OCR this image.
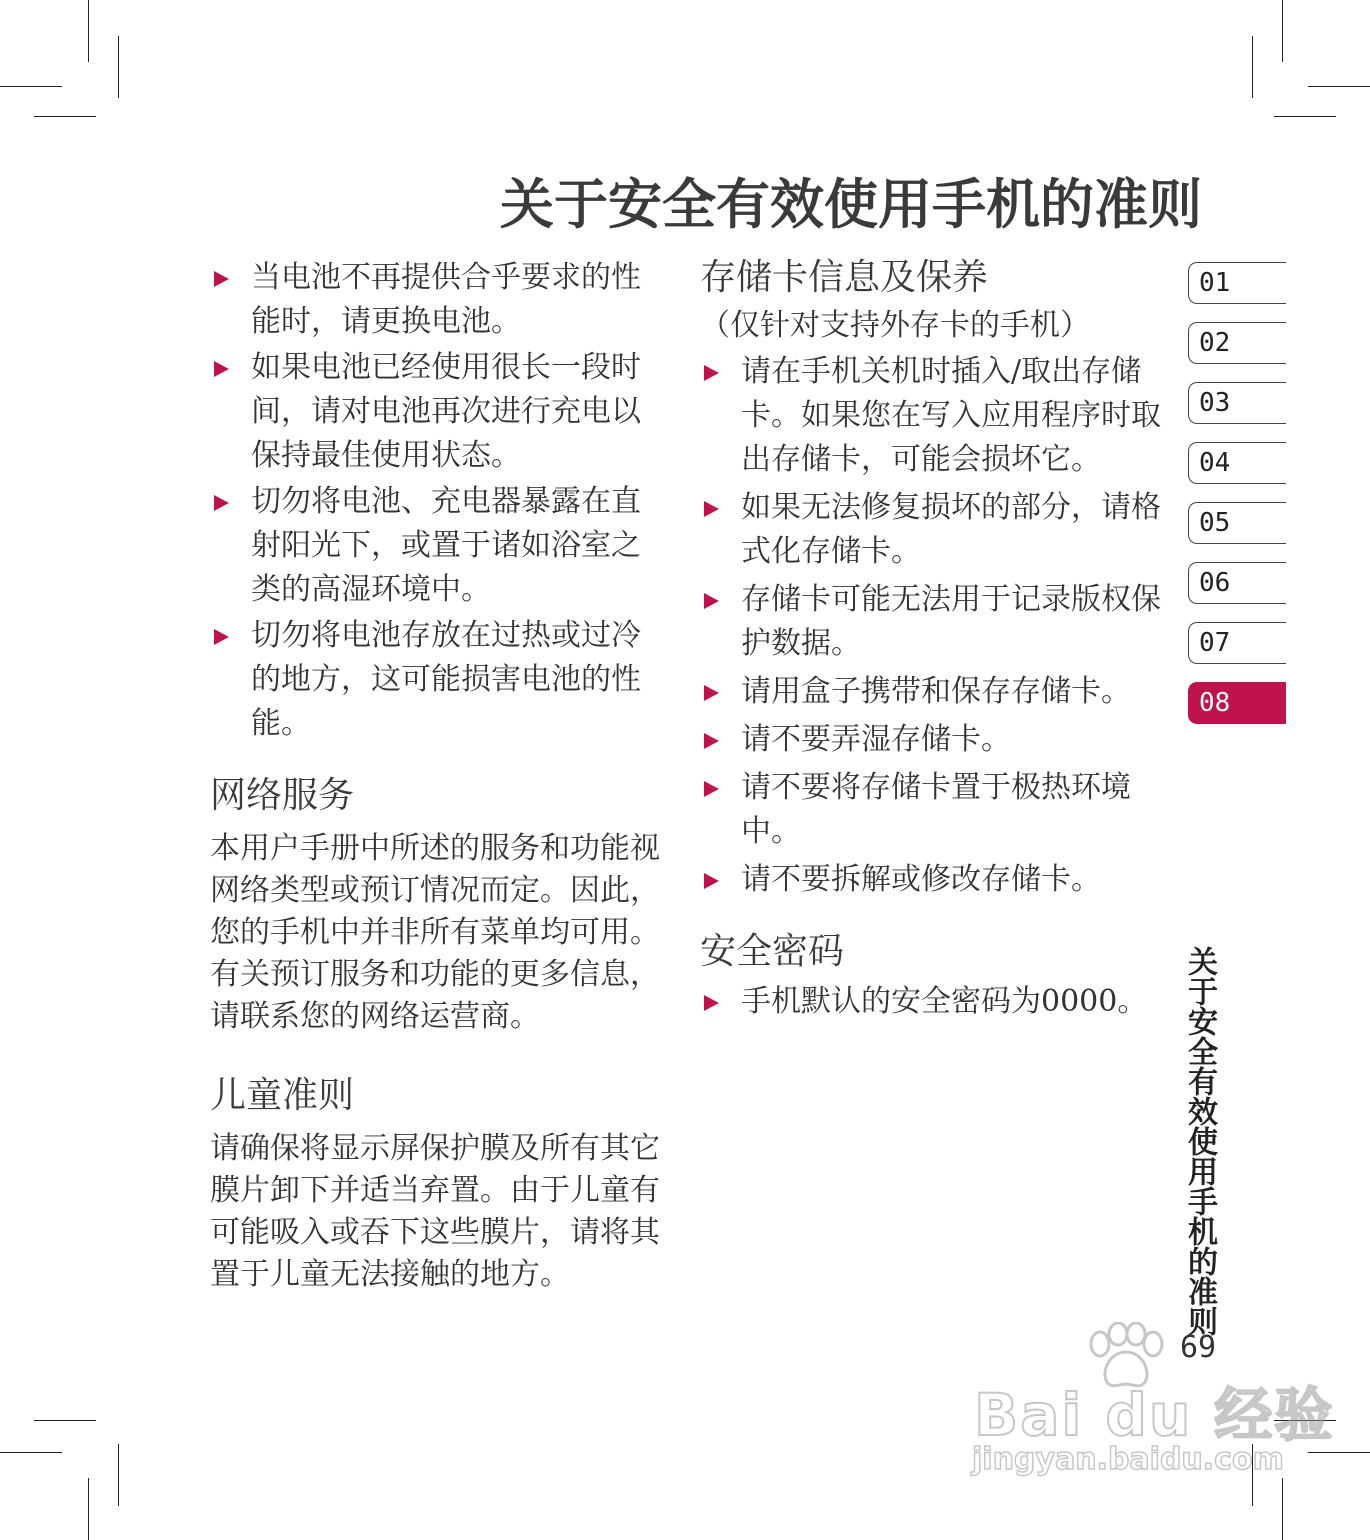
关于安全有效使用手机的准则
当电池不再提供合乎要求的性能时，请更换电池。
如果电池已经使用很长一段时间，请对电池再次进行充电以保持最佳使用状态。
切勿将电池、充电器暴露在直射阳光下，或置于诸如浴室之类的高湿环境中。
切勿将电池存放在过热或过冷的地方，这可能损害电池的性能。
网络服务

本用户手册中所述的服务和功能视网络类型或预订情况而定。因此，您的手机中并非所有菜单均可用。有关预订服务和功能的更多信息，请联系您的网络运营商。

儿童准则

请确保将显示屏保护膜及所有其它膜片卸下并适当弃置。由于儿童有可能吸入或吞下这些膜片，请将其置于儿童无法接触的地方。

存储卡信息及保养

（仅针对支持外存卡的手机）

请在手机关机时插入/取出存储卡。如果您在写入应用程序时取出存储卡，可能会损坏它。
如果无法修复损坏的部分，请格式化存储卡。
存储卡可能无法用于记录版权保护数据。
请用盒子携带和保存存储卡。
请不要弄湿存储卡。
请不要将存储卡置于极热环境中。
请不要拆解或修改存储卡。
安全密码
手机默认的安全密码为0000。
01
02
03
04
05
06
07
08
关于安全有效使用手机的准则
69
Bai du 经验
jingyan.baidu.com
